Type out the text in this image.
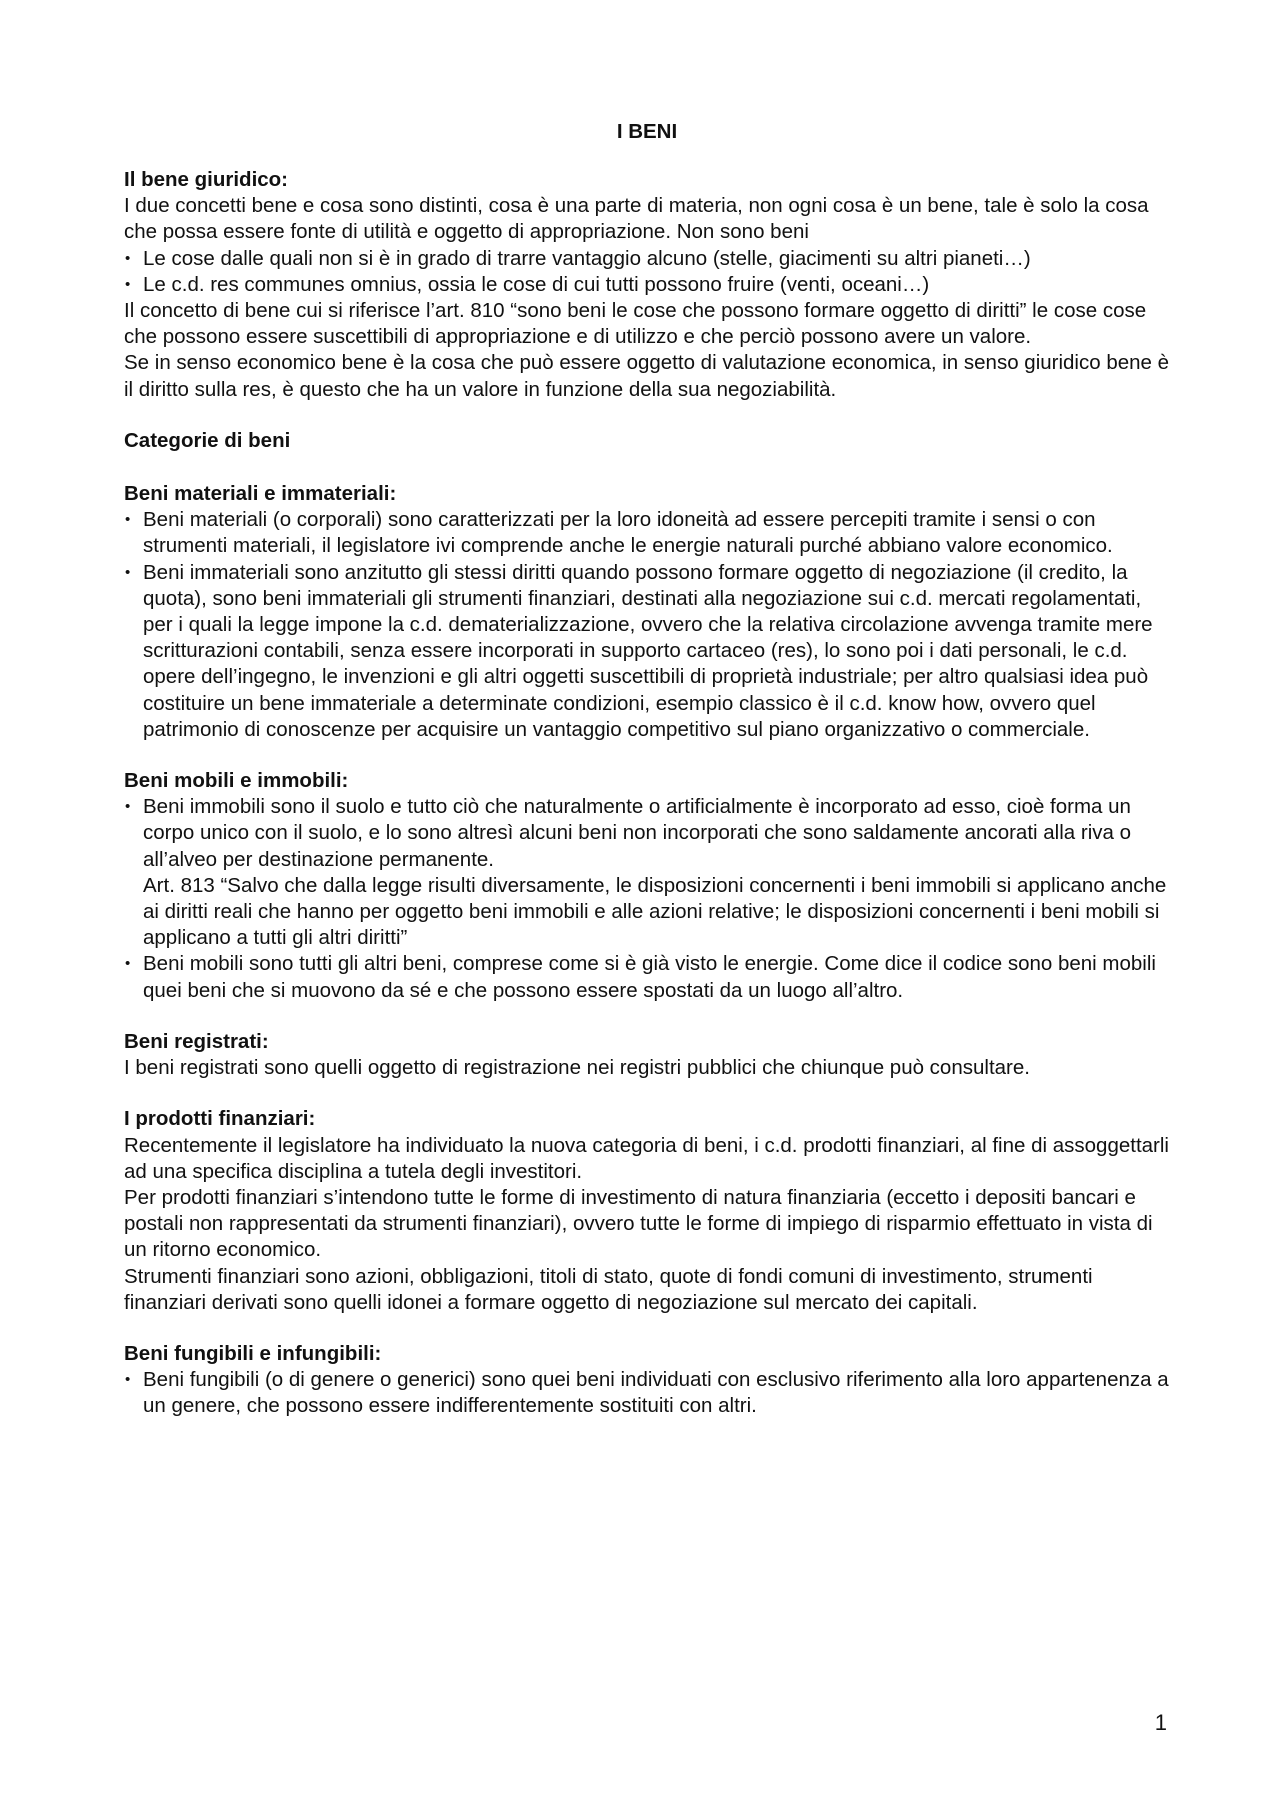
I BENI
Il bene giuridico:

I due concetti bene e cosa sono distinti, cosa è una parte di materia, non ogni cosa è un bene, tale è solo la cosa che possa essere fonte di utilità e oggetto di appropriazione. Non sono beni

• Le cose dalle quali non si è in grado di trarre vantaggio alcuno (stelle, giacimenti su altri pianeti…)
• Le c.d. res communes omnius, ossia le cose di cui tutti possono fruire (venti, oceani…)

Il concetto di bene cui si riferisce l’art. 810 “sono beni le cose che possono formare oggetto di diritti” le cose cose che possono essere suscettibili di appropriazione e di utilizzo e che perciò possono avere un valore.

Se in senso economico bene è la cosa che può essere oggetto di valutazione economica, in senso giuridico bene è il diritto sulla res, è questo che ha un valore in funzione della sua negoziabilità.

Categorie di beni
Beni materiali e immateriali:
• Beni materiali (o corporali) sono caratterizzati per la loro idoneità ad essere percepiti tramite i sensi o con strumenti materiali, il legislatore ivi comprende anche le energie naturali purché abbiano valore economico.
• Beni immateriali sono anzitutto gli stessi diritti quando possono formare oggetto di negoziazione (il credito, la quota), sono beni immateriali gli strumenti finanziari, destinati alla negoziazione sui c.d. mercati regolamentati, per i quali la legge impone la c.d. dematerializzazione, ovvero che la relativa circolazione avvenga tramite mere scritturazioni contabili, senza essere incorporati in supporto cartaceo (res), lo sono poi i dati personali, le c.d. opere dell’ingegno, le invenzioni e gli altri oggetti suscettibili di proprietà industriale; per altro qualsiasi idea può costituire un bene immateriale a determinate condizioni, esempio classico è il c.d. know how, ovvero quel patrimonio di conoscenze per acquisire un vantaggio competitivo sul piano organizzativo o commerciale.
Beni mobili e immobili:
• Beni immobili sono il suolo e tutto ciò che naturalmente o artificialmente è incorporato ad esso, cioè forma un corpo unico con il suolo, e lo sono altresì alcuni beni non incorporati che sono saldamente ancorati alla riva o all’alveo per destinazione permanente.
Art. 813 “Salvo che dalla legge risulti diversamente, le disposizioni concernenti i beni immobili si applicano anche ai diritti reali che hanno per oggetto beni immobili e alle azioni relative; le disposizioni concernenti i beni mobili si applicano a tutti gli altri diritti”
• Beni mobili sono tutti gli altri beni, comprese come si è già visto le energie. Come dice il codice sono beni mobili quei beni che si muovono da sé e che possono essere spostati da un luogo all’altro.
Beni registrati:

I beni registrati sono quelli oggetto di registrazione nei registri pubblici che chiunque può consultare.

I prodotti finanziari:

Recentemente il legislatore ha individuato la nuova categoria di beni, i c.d. prodotti finanziari, al fine di assoggettarli ad una specifica disciplina a tutela degli investitori.

Per prodotti finanziari s’intendono tutte le forme di investimento di natura finanziaria (eccetto i depositi bancari e postali non rappresentati da strumenti finanziari), ovvero tutte le forme di impiego di risparmio effettuato in vista di un ritorno economico.

Strumenti finanziari sono azioni, obbligazioni, titoli di stato, quote di fondi comuni di investimento, strumenti finanziari derivati sono quelli idonei a formare oggetto di negoziazione sul mercato dei capitali.

Beni fungibili e infungibili:
• Beni fungibili (o di genere o generici) sono quei beni individuati con esclusivo riferimento alla loro appartenenza a un genere, che possono essere indifferentemente sostituiti con altri.
1
